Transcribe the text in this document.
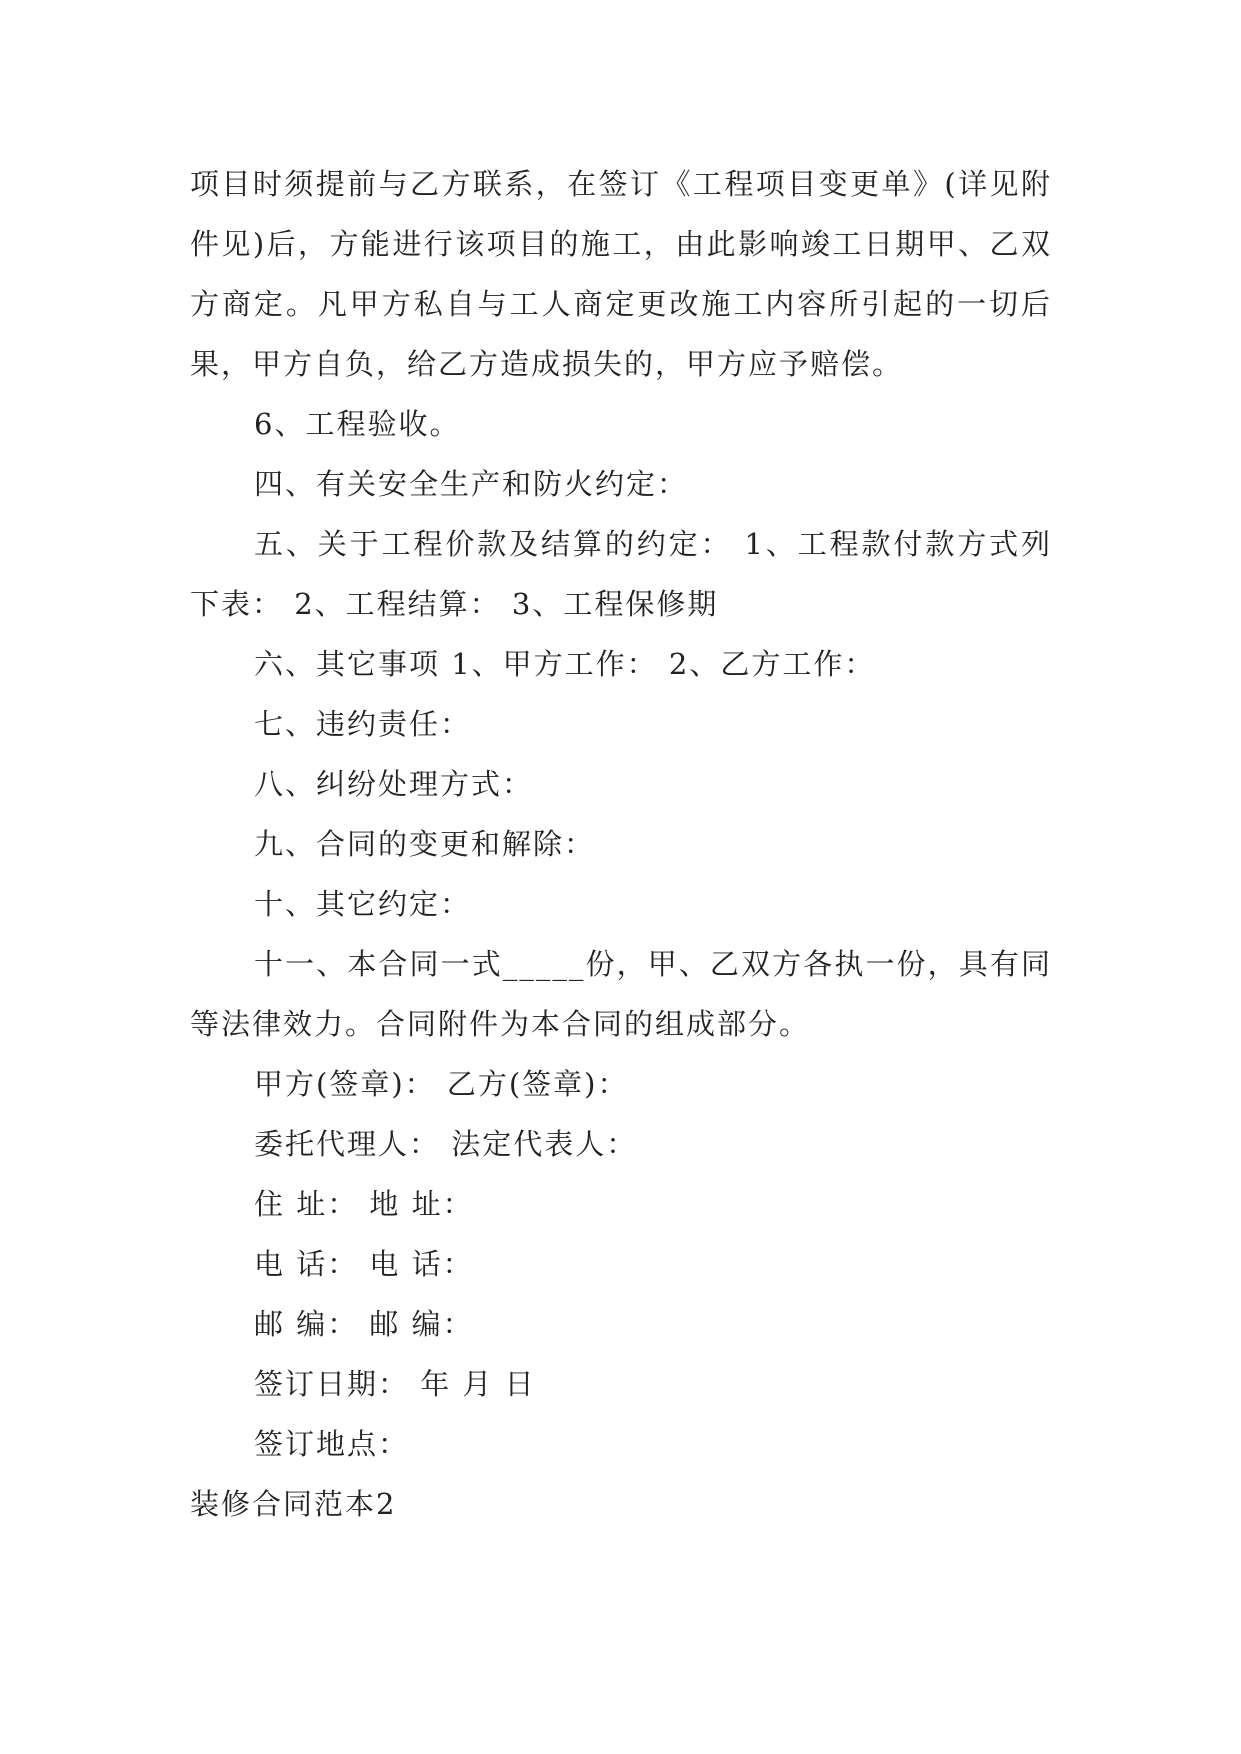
项目时须提前与乙方联系，在签订《工程项目变更单》(详见附件见)后，方能进行该项目的施工，由此影响竣工日期甲、乙双方商定。凡甲方私自与工人商定更改施工内容所引起的一切后果，甲方自负，给乙方造成损失的，甲方应予赔偿。

6、工程验收。

四、有关安全生产和防火约定：

五、关于工程价款及结算的约定： 1、工程款付款方式列下表： 2、工程结算： 3、工程保修期

六、其它事项 1、甲方工作： 2、乙方工作：

七、违约责任：

八、纠纷处理方式：

九、合同的变更和解除：

十、其它约定：

十一、本合同一式_____份，甲、乙双方各执一份，具有同等法律效力。合同附件为本合同的组成部分。

甲方(签章)： 乙方(签章)：

委托代理人： 法定代表人：

住 址： 地 址：

电 话： 电 话：

邮 编： 邮 编：

签订日期： 年 月 日

签订地点：

装修合同范本2
